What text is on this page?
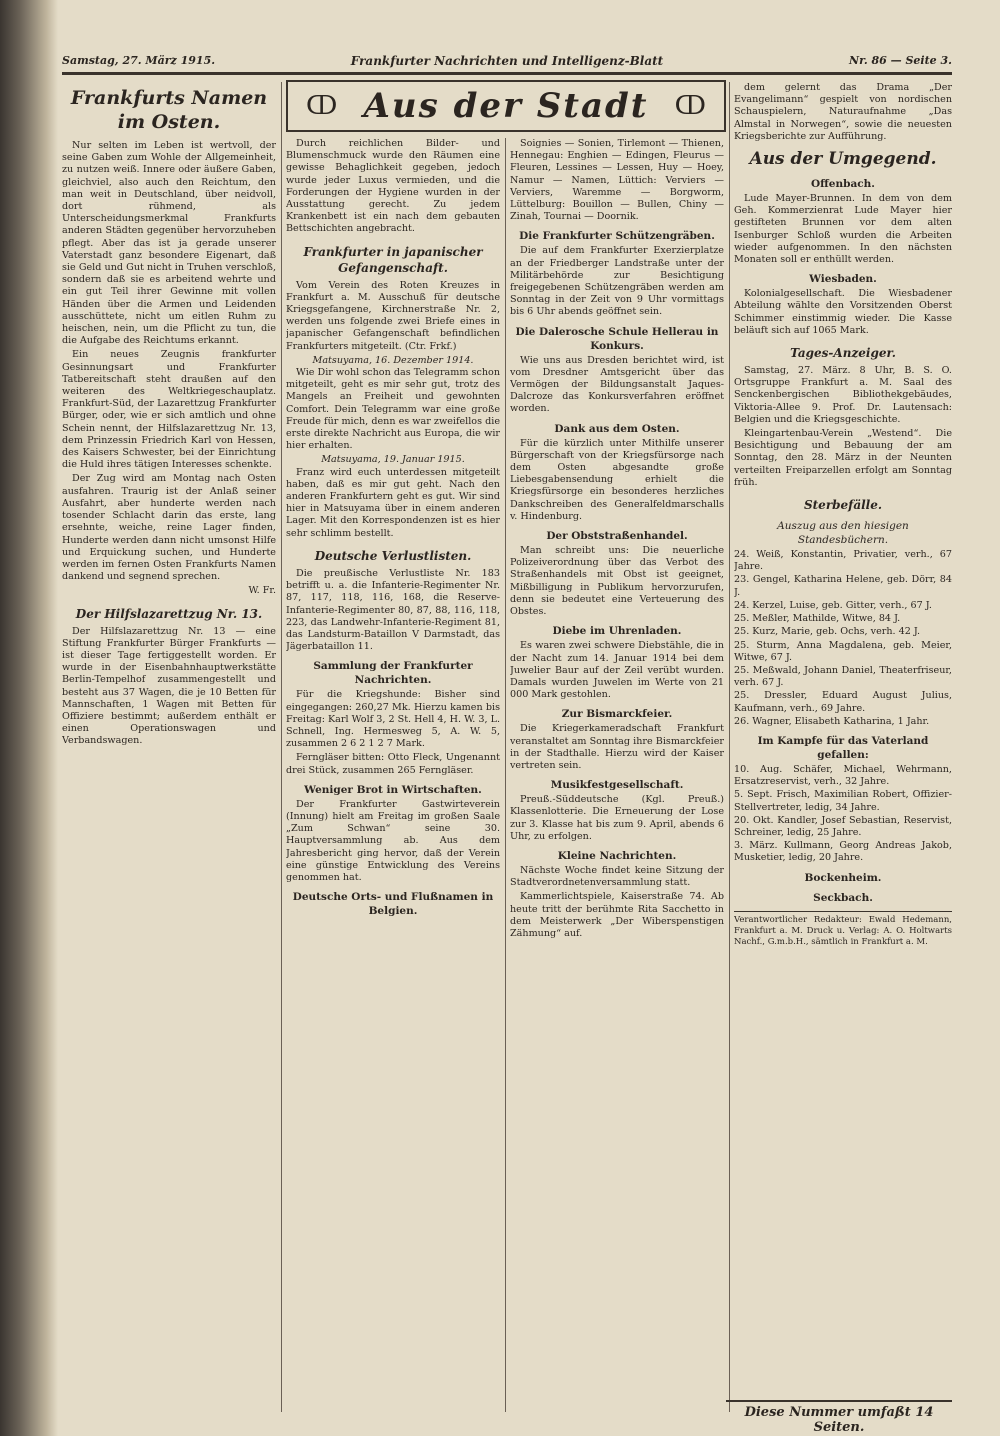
Samstag, 27. März 1915.	Frankfurter Nachrichten und Intelligenz-Blatt	Nr. 86 — Seite 3.
ↀ Aus der Stadt ↀ
Frankfurts Namen im Osten.

Nur selten im Leben ist wertvoll, der seine Gaben zum Wohle der Allgemeinheit, zu nutzen weiß. Innere oder äußere Gaben, gleichviel, also auch den Reichtum, den man weit in Deutschland, über neidvoll, dort rühmend, als Unterscheidungsmerkmal Frankfurts anderen Städten gegenüber hervorzuheben pflegt. Aber das ist ja gerade unserer Vaterstadt ganz besondere Eigenart, daß sie Geld und Gut nicht in Truhen verschloß, sondern daß sie es arbeitend wehrte und ein gut Teil ihrer Gewinne mit vollen Händen über die Armen und Leidenden ausschüttete, nicht um eitlen Ruhm zu heischen, nein, um die Pflicht zu tun, die die Aufgabe des Reichtums erkannt.

Ein neues Zeugnis frankfurter Gesinnungsart und Frankfurter Tatbereitschaft steht draußen auf den weiteren des Weltkriegeschauplatz. Frankfurt-Süd, der Lazarettzug Frankfurter Bürger, oder, wie er sich amtlich und ohne Schein nennt, der Hilfslazarettzug Nr. 13, dem Prinzessin Friedrich Karl von Hessen, des Kaisers Schwester, bei der Einrichtung die Huld ihres tätigen Interesses schenkte.

Der Zug wird am Montag nach Osten ausfahren. Traurig ist der Anlaß seiner Ausfahrt, aber hunderte werden nach tosender Schlacht darin das erste, lang ersehnte, weiche, reine Lager finden, Hunderte werden dann nicht umsonst Hilfe und Erquickung suchen, und Hunderte werden im fernen Osten Frankfurts Namen dankend und segnend sprechen.

W. Fr.

Der Hilfslazarettzug Nr. 13.

Der Hilfslazarettzug Nr. 13 — eine Stiftung Frankfurter Bürger Frankfurts — ist dieser Tage fertiggestellt worden. Er wurde in der Eisenbahnhauptwerkstätte Berlin-Tempelhof zusammengestellt und besteht aus 37 Wagen, die je 10 Betten für Mannschaften, 1 Wagen mit Betten für Offiziere bestimmt; außerdem enthält er einen Operationswagen und Verbandswagen.

Durch reichlichen Bilder- und Blumenschmuck wurde den Räumen eine gewisse Behaglichkeit gegeben, jedoch wurde jeder Luxus vermieden, und die Forderungen der Hygiene wurden in der Ausstattung gerecht. Zu jedem Krankenbett ist ein nach dem gebauten Bettschichten angebracht.

Frankfurter in japanischer Gefangenschaft.

Vom Verein des Roten Kreuzes in Frankfurt a. M. Ausschuß für deutsche Kriegsgefangene, Kirchnerstraße Nr. 2, werden uns folgende zwei Briefe eines in japanischer Gefangenschaft befindlichen Frankfurters mitgeteilt. (Ctr. Frkf.)

Matsuyama, 16. Dezember 1914.

Wie Dir wohl schon das Telegramm schon mitgeteilt, geht es mir sehr gut, trotz des Mangels an Freiheit und gewohnten Comfort. Dein Telegramm war eine große Freude für mich, denn es war zweifellos die erste direkte Nachricht aus Europa, die wir hier erhalten.

Matsuyama, 19. Januar 1915.

Franz wird euch unterdessen mitgeteilt haben, daß es mir gut geht. Nach den anderen Frankfurtern geht es gut. Wir sind hier in Matsuyama über in einem anderen Lager. Mit den Korrespondenzen ist es hier sehr schlimm bestellt.

Deutsche Verlustlisten.

Die preußische Verlustliste Nr. 183 betrifft u. a. die Infanterie-Regimenter Nr. 87, 117, 118, 116, 168, die Reserve-Infanterie-Regimenter 80, 87, 88, 116, 118, 223, das Landwehr-Infanterie-Regiment 81, das Landsturm-Bataillon V Darmstadt, das Jägerbataillon 11.

Sammlung der Frankfurter Nachrichten.

Für die Kriegshunde: Bisher sind eingegangen: 260,27 Mk. Hierzu kamen bis Freitag: Karl Wolf 3, 2 St. Hell 4, H. W. 3, L. Schnell, Ing. Hermesweg 5, A. W. 5, zusammen 2 6 2 1 2 7 Mark.

Ferngläser bitten: Otto Fleck, Ungenannt drei Stück, zusammen 265 Ferngläser.

Weniger Brot in Wirtschaften.

Der Frankfurter Gastwirteverein (Innung) hielt am Freitag im großen Saale „Zum Schwan“ seine 30. Hauptversammlung ab. Aus dem Jahresbericht ging hervor, daß der Verein eine günstige Entwicklung des Vereins genommen hat.

Deutsche Orts- und Flußnamen in Belgien.

Soignies — Sonien, Tirlemont — Thienen, Hennegau: Enghien — Edingen, Fleurus — Fleuren, Lessines — Lessen, Huy — Hoey, Namur — Namen, Lüttich: Verviers — Verviers, Waremme — Borgworm, Lüttelburg: Bouillon — Bullen, Chiny — Zinah, Tournai — Doornik.

Die Frankfurter Schützengräben.

Die auf dem Frankfurter Exerzierplatze an der Friedberger Landstraße unter der Militärbehörde zur Besichtigung freigegebenen Schützengräben werden am Sonntag in der Zeit von 9 Uhr vormittags bis 6 Uhr abends geöffnet sein.

Die Dalerosche Schule Hellerau in Konkurs.

Wie uns aus Dresden berichtet wird, ist vom Dresdner Amtsgericht über das Vermögen der Bildungsanstalt Jaques-Dalcroze das Konkursverfahren eröffnet worden.

Dank aus dem Osten.

Für die kürzlich unter Mithilfe unserer Bürgerschaft von der Kriegsfürsorge nach dem Osten abgesandte große Liebesgabensendung erhielt die Kriegsfürsorge ein besonderes herzliches Dankschreiben des Generalfeldmarschalls v. Hindenburg.

Der Obststraßenhandel.

Man schreibt uns: Die neuerliche Polizeiverordnung über das Verbot des Straßenhandels mit Obst ist geeignet, Mißbilligung in Publikum hervorzurufen, denn sie bedeutet eine Verteuerung des Obstes.

Diebe im Uhrenladen.

Es waren zwei schwere Diebstähle, die in der Nacht zum 14. Januar 1914 bei dem Juwelier Baur auf der Zeil verübt wurden. Damals wurden Juwelen im Werte von 21 000 Mark gestohlen.

Zur Bismarckfeier.

Die Kriegerkameradschaft Frankfurt veranstaltet am Sonntag ihre Bismarckfeier in der Stadthalle. Hierzu wird der Kaiser vertreten sein.

Musikfestgesellschaft.

Preuß.-Süddeutsche (Kgl. Preuß.) Klassenlotterie. Die Erneuerung der Lose zur 3. Klasse hat bis zum 9. April, abends 6 Uhr, zu erfolgen.

Kleine Nachrichten.

Nächste Woche findet keine Sitzung der Stadtverordnetenversammlung statt.

Kammerlichtspiele, Kaiserstraße 74. Ab heute tritt der berühmte Rita Sacchetto in dem Meisterwerk „Der Wiberspenstigen Zähmung“ auf.

dem gelernt das Drama „Der Evangelimann“ gespielt von nordischen Schauspielern, Naturaufnahme „Das Almstal in Norwegen“, sowie die neuesten Kriegsberichte zur Aufführung.

Aus der Umgegend.
Offenbach.

Lude Mayer-Brunnen. In dem von dem Geh. Kommerzienrat Lude Mayer hier gestifteten Brunnen vor dem alten Isenburger Schloß wurden die Arbeiten wieder aufgenommen. In den nächsten Monaten soll er enthüllt werden.

Wiesbaden.

Kolonialgesellschaft. Die Wiesbadener Abteilung wählte den Vorsitzenden Oberst Schimmer einstimmig wieder. Die Kasse beläuft sich auf 1065 Mark.

Tages-Anzeiger.

Samstag, 27. März. 8 Uhr, B. S. O. Ortsgruppe Frankfurt a. M. Saal des Senckenbergischen Bibliothekgebäudes, Viktoria-Allee 9. Prof. Dr. Lautensach: Belgien und die Kriegsgeschichte.

Kleingartenbau-Verein „Westend“. Die Besichtigung und Bebauung der am Sonntag, den 28. März in der Neunten verteilten Freiparzellen erfolgt am Sonntag früh.

Sterbefälle.
Auszug aus den hiesigen Standesbüchern.

24. Weiß, Konstantin, Privatier, verh., 67 Jahre.

23. Gengel, Katharina Helene, geb. Dörr, 84 J.

24. Kerzel, Luise, geb. Gitter, verh., 67 J.

25. Meßler, Mathilde, Witwe, 84 J.

25. Kurz, Marie, geb. Ochs, verh. 42 J.

25. Sturm, Anna Magdalena, geb. Meier, Witwe, 67 J.

25. Meßwald, Johann Daniel, Theaterfriseur, verh. 67 J.

25. Dressler, Eduard August Julius, Kaufmann, verh., 69 Jahre.

26. Wagner, Elisabeth Katharina, 1 Jahr.

Im Kampfe für das Vaterland gefallen:

10. Aug. Schäfer, Michael, Wehrmann, Ersatzreservist, verh., 32 Jahre.

5. Sept. Frisch, Maximilian Robert, Offizier-Stellvertreter, ledig, 34 Jahre.

20. Okt. Kandler, Josef Sebastian, Reservist, Schreiner, ledig, 25 Jahre.

3. März. Kullmann, Georg Andreas Jakob, Musketier, ledig, 20 Jahre.

Bockenheim.
Seckbach.

Verantwortlicher Redakteur: Ewald Hedemann, Frankfurt a. M. Druck u. Verlag: A. O. Holtwarts Nachf., G.m.b.H., sämtlich in Frankfurt a. M.

Diese Nummer umfaßt 14 Seiten.
